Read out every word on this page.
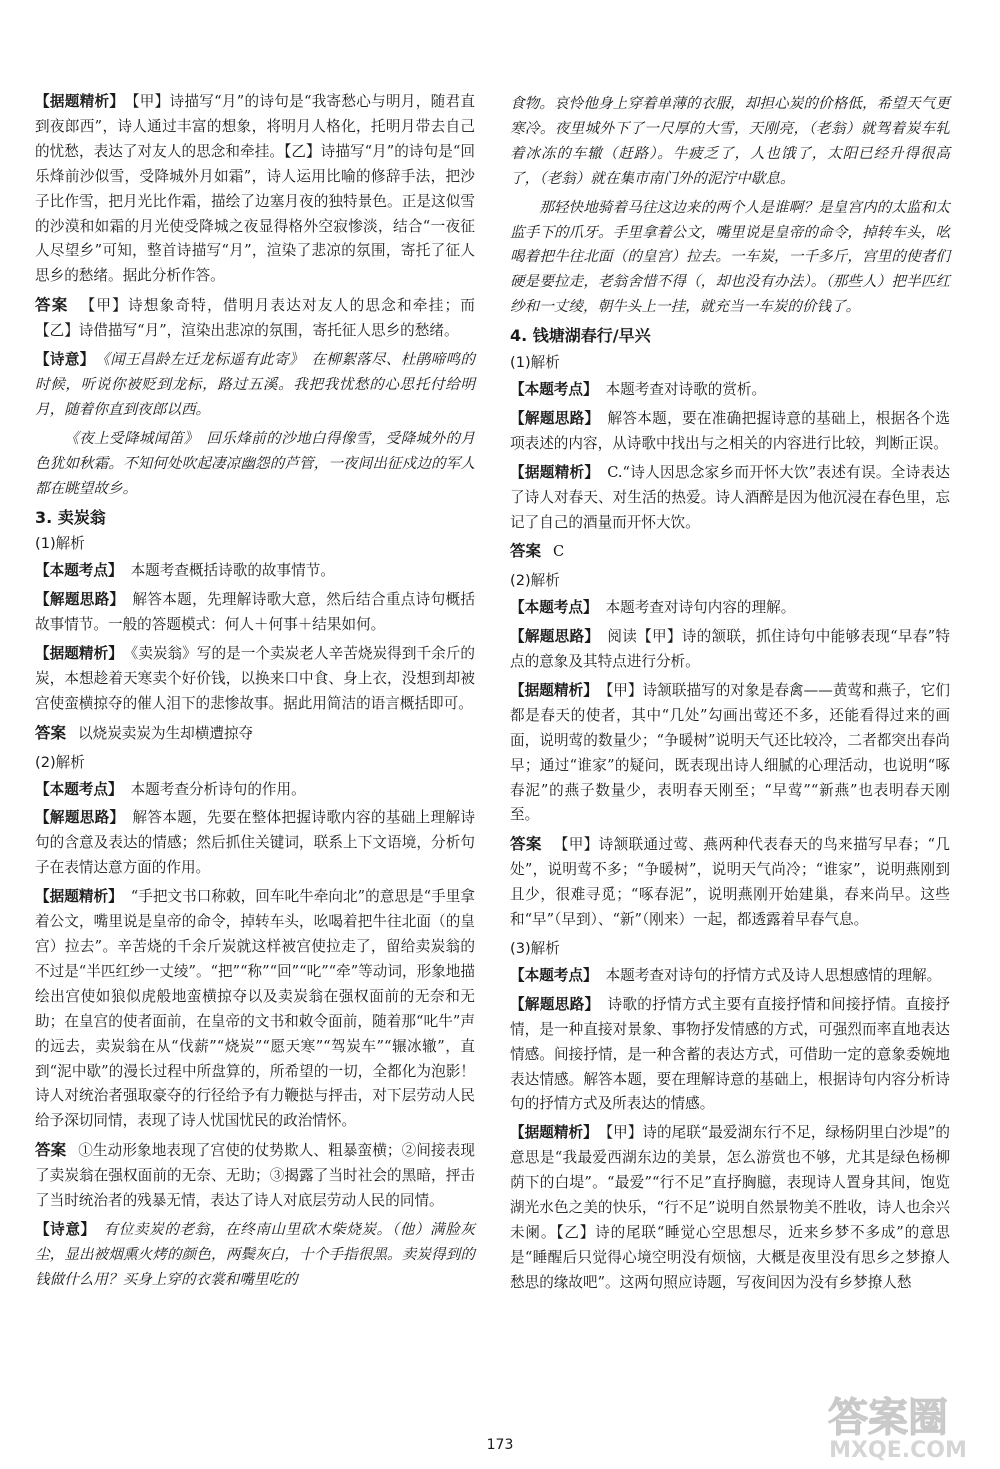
【据题精析】 【甲】诗描写“月”的诗句是“我寄愁心与明月，随君直到夜郎西”，诗人通过丰富的想象，将明月人格化，托明月带去自己的忧愁，表达了对友人的思念和牵挂。【乙】诗描写“月”的诗句是“回乐烽前沙似雪，受降城外月如霜”，诗人运用比喻的修辞手法，把沙子比作雪，把月光比作霜，描绘了边塞月夜的独特景色。正是这似雪的沙漠和如霜的月光使受降城之夜显得格外空寂惨淡，结合“一夜征人尽望乡”可知，整首诗描写“月”，渲染了悲凉的氛围，寄托了征人思乡的愁绪。据此分析作答。

答案 【甲】诗想象奇特，借明月表达对友人的思念和牵挂；而【乙】诗借描写“月”，渲染出悲凉的氛围，寄托征人思乡的愁绪。

【诗意】 《闻王昌龄左迁龙标遥有此寄》　在柳絮落尽、杜鹃啼鸣的时候，听说你被贬到龙标，路过五溪。我把我忧愁的心思托付给明月，随着你直到夜郎以西。

《夜上受降城闻笛》　回乐烽前的沙地白得像雪，受降城外的月色犹如秋霜。不知何处吹起凄凉幽怨的芦管，一夜间出征戍边的军人都在眺望故乡。

3. 卖炭翁

(1)解析

【本题考点】 本题考查概括诗歌的故事情节。

【解题思路】 解答本题，先理解诗歌大意，然后结合重点诗句概括故事情节。一般的答题模式：何人＋何事＋结果如何。

【据题精析】 《卖炭翁》写的是一个卖炭老人辛苦烧炭得到千余斤的炭，本想趁着天寒卖个好价钱，以换来口中食、身上衣，没想到却被宫使蛮横掠夺的催人泪下的悲惨故事。据此用简洁的语言概括即可。

答案 以烧炭卖炭为生却横遭掠夺

(2)解析

【本题考点】 本题考查分析诗句的作用。

【解题思路】 解答本题，先要在整体把握诗歌内容的基础上理解诗句的含意及表达的情感；然后抓住关键词，联系上下文语境，分析句子在表情达意方面的作用。

【据题精析】 “手把文书口称敕，回车叱牛牵向北”的意思是“手里拿着公文，嘴里说是皇帝的命令，掉转车头，吆喝着把牛往北面（的皇宫）拉去”。辛苦烧的千余斤炭就这样被宫使拉走了，留给卖炭翁的不过是“半匹红纱一丈绫”。“把”“称”“回”“叱”“牵”等动词，形象地描绘出宫使如狼似虎般地蛮横掠夺以及卖炭翁在强权面前的无奈和无助；在皇宫的使者面前，在皇帝的文书和敕令面前，随着那“叱牛”声的远去，卖炭翁在从“伐薪”“烧炭”“愿天寒”“驾炭车”“辗冰辙”，直到“泥中歇”的漫长过程中所盘算的，所希望的一切，全都化为泡影！诗人对统治者强取豪夺的行径给予有力鞭挞与抨击，对下层劳动人民给予深切同情，表现了诗人忧国忧民的政治情怀。

答案 ①生动形象地表现了宫使的仗势欺人、粗暴蛮横；②间接表现了卖炭翁在强权面前的无奈、无助；③揭露了当时社会的黑暗，抨击了当时统治者的残暴无情，表达了诗人对底层劳动人民的同情。

【诗意】 有位卖炭的老翁，在终南山里砍木柴烧炭。（他）满脸灰尘，显出被烟熏火烤的颜色，两鬓灰白，十个手指很黑。卖炭得到的钱做什么用？买身上穿的衣裳和嘴里吃的

食物。哀怜他身上穿着单薄的衣服，却担心炭的价格低，希望天气更寒冷。夜里城外下了一尺厚的大雪，天刚亮，（老翁）就驾着炭车轧着冰冻的车辙（赶路）。牛疲乏了，人也饿了，太阳已经升得很高了，（老翁）就在集市南门外的泥泞中歇息。

那轻快地骑着马往这边来的两个人是谁啊？是皇宫内的太监和太监手下的爪牙。手里拿着公文，嘴里说是皇帝的命令，掉转车头，吆喝着把牛往北面（的皇宫）拉去。一车炭，一千多斤，宫里的使者们硬是要拉走，老翁舍惜不得（，却也没有办法）。（那些人）把半匹红纱和一丈绫，朝牛头上一挂，就充当一车炭的价钱了。

4. 钱塘湖春行/早兴

(1)解析

【本题考点】 本题考查对诗歌的赏析。

【解题思路】 解答本题，要在准确把握诗意的基础上，根据各个选项表述的内容，从诗歌中找出与之相关的内容进行比较，判断正误。

【据题精析】 C.“诗人因思念家乡而开怀大饮”表述有误。全诗表达了诗人对春天、对生活的热爱。诗人酒醉是因为他沉浸在春色里，忘记了自己的酒量而开怀大饮。

答案 C

(2)解析

【本题考点】 本题考查对诗句内容的理解。

【解题思路】 阅读【甲】诗的颔联，抓住诗句中能够表现“早春”特点的意象及其特点进行分析。

【据题精析】 【甲】诗颔联描写的对象是春禽——黄莺和燕子，它们都是春天的使者，其中“几处”勾画出莺还不多，还能看得过来的画面，说明莺的数量少；“争暖树”说明天气还比较冷，二者都突出春尚早；通过“谁家”的疑问，既表现出诗人细腻的心理活动，也说明“啄春泥”的燕子数量少，表明春天刚至；“早莺”“新燕”也表明春天刚至。

答案 【甲】诗颔联通过莺、燕两种代表春天的鸟来描写早春；“几处”，说明莺不多；“争暖树”，说明天气尚冷；“谁家”，说明燕刚到且少，很难寻觅；“啄春泥”，说明燕刚开始建巢，春来尚早。这些和“早”（早到）、“新”（刚来）一起，都透露着早春气息。

(3)解析

【本题考点】 本题考查对诗句的抒情方式及诗人思想感情的理解。

【解题思路】 诗歌的抒情方式主要有直接抒情和间接抒情。直接抒情，是一种直接对景象、事物抒发情感的方式，可强烈而率直地表达情感。间接抒情，是一种含蓄的表达方式，可借助一定的意象委婉地表达情感。解答本题，要在理解诗意的基础上，根据诗句内容分析诗句的抒情方式及所表达的情感。

【据题精析】 【甲】诗的尾联“最爱湖东行不足，绿杨阴里白沙堤”的意思是“我最爱西湖东边的美景，怎么游赏也不够，尤其是绿色杨柳荫下的白堤”。“最爱”“行不足”直抒胸臆，表现诗人置身其间，饱览湖光水色之美的快乐，“行不足”说明自然景物美不胜收，诗人也余兴未阑。【乙】诗的尾联“睡觉心空思想尽，近来乡梦不多成”的意思是“睡醒后只觉得心境空明没有烦恼，大概是夜里没有思乡之梦撩人愁思的缘故吧”。这两句照应诗题，写夜间因为没有乡梦撩人愁

173
答案圈
MXQE.COM
